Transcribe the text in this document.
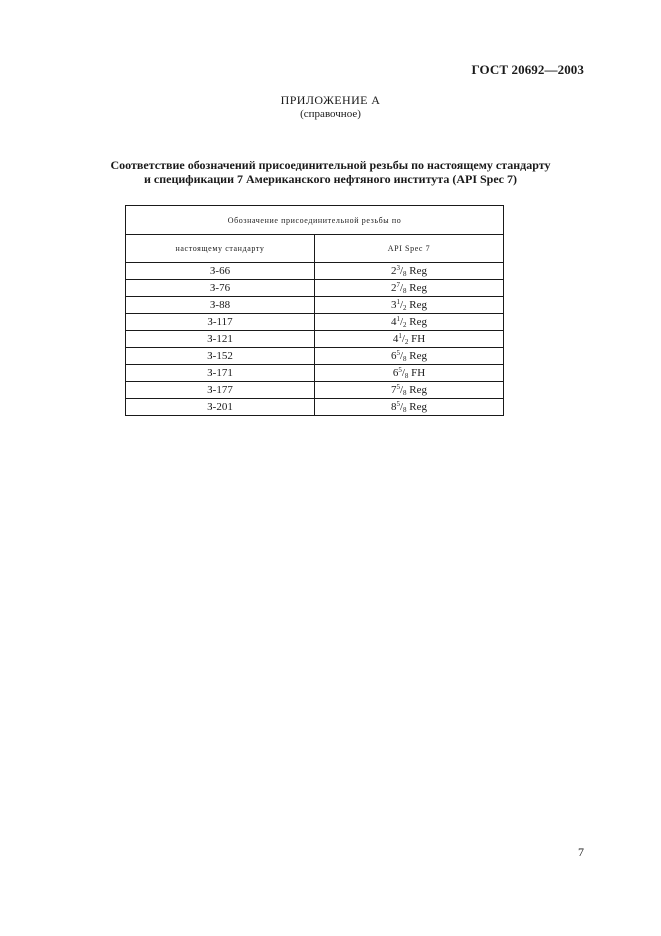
ГОСТ 20692—2003
ПРИЛОЖЕНИЕ А
(справочное)
Соответствие обозначений присоединительной резьбы по настоящему стандарту
и спецификации 7 Американского нефтяного института (API Spec 7)
Обозначение присоединительной резьбы по	
настоящему стандарту	API Spec 7
З-66	$2^3/_8$ Reg
З-76	$2^7/_8$ Reg
З-88	$3^1/_2$ Reg
З-117	$4^1/_2$ Reg
З-121	$4^1/_2$ FH
З-152	$6^5/_8$ Reg
З-171	$6^5/_8$ FH
З-177	$7^5/_8$ Reg
З-201	$8^5/_8$ Reg
7
